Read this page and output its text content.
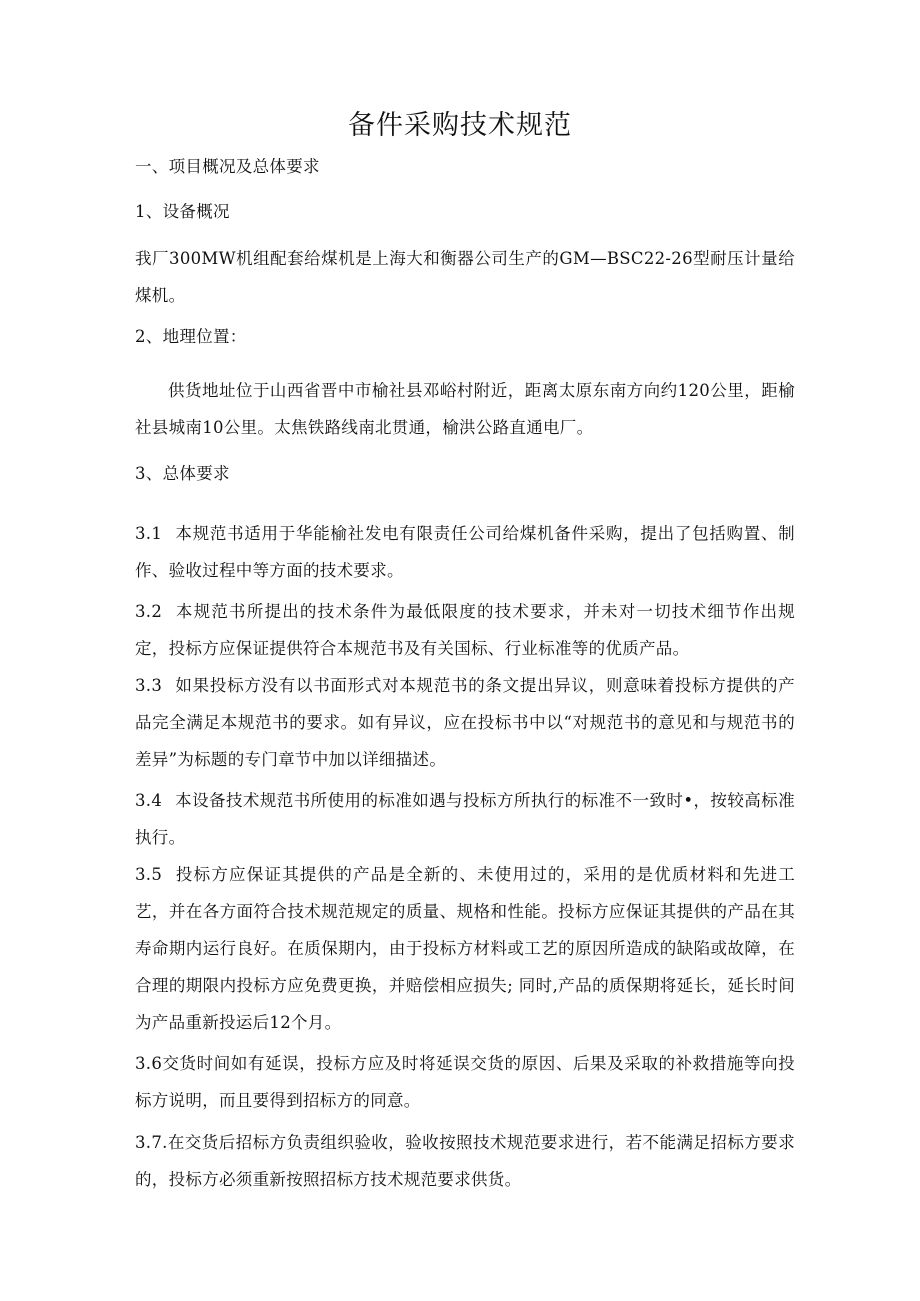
备件采购技术规范

一、项目概况及总体要求

1、设备概况

我厂300MW机组配套给煤机是上海大和衡器公司生产的GM—BSC22-26型耐压计量给煤机。

2、地理位置：

供货地址位于山西省晋中市榆社县邓峪村附近，距离太原东南方向约120公里，距榆社县城南10公里。太焦铁路线南北贯通，榆洪公路直通电厂。

3、总体要求

3.1 本规范书适用于华能榆社发电有限责任公司给煤机备件采购，提出了包括购置、制作、验收过程中等方面的技术要求。

3.2 本规范书所提出的技术条件为最低限度的技术要求，并未对一切技术细节作出规定，投标方应保证提供符合本规范书及有关国标、行业标准等的优质产品。

3.3 如果投标方没有以书面形式对本规范书的条文提出异议，则意味着投标方提供的产品完全满足本规范书的要求。如有异议，应在投标书中以“对规范书的意见和与规范书的差异”为标题的专门章节中加以详细描述。

3.4 本设备技术规范书所使用的标准如遇与投标方所执行的标准不一致时•，按较高标准执行。

3.5 投标方应保证其提供的产品是全新的、未使用过的，采用的是优质材料和先进工艺，并在各方面符合技术规范规定的质量、规格和性能。投标方应保证其提供的产品在其寿命期内运行良好。在质保期内，由于投标方材料或工艺的原因所造成的缺陷或故障，在合理的期限内投标方应免费更换，并赔偿相应损失; 同时,产品的质保期将延长，延长时间为产品重新投运后12个月。

3.6交货时间如有延误，投标方应及时将延误交货的原因、后果及采取的补救措施等向投标方说明，而且要得到招标方的同意。

3.7.在交货后招标方负责组织验收，验收按照技术规范要求进行，若不能满足招标方要求的，投标方必须重新按照招标方技术规范要求供货。
